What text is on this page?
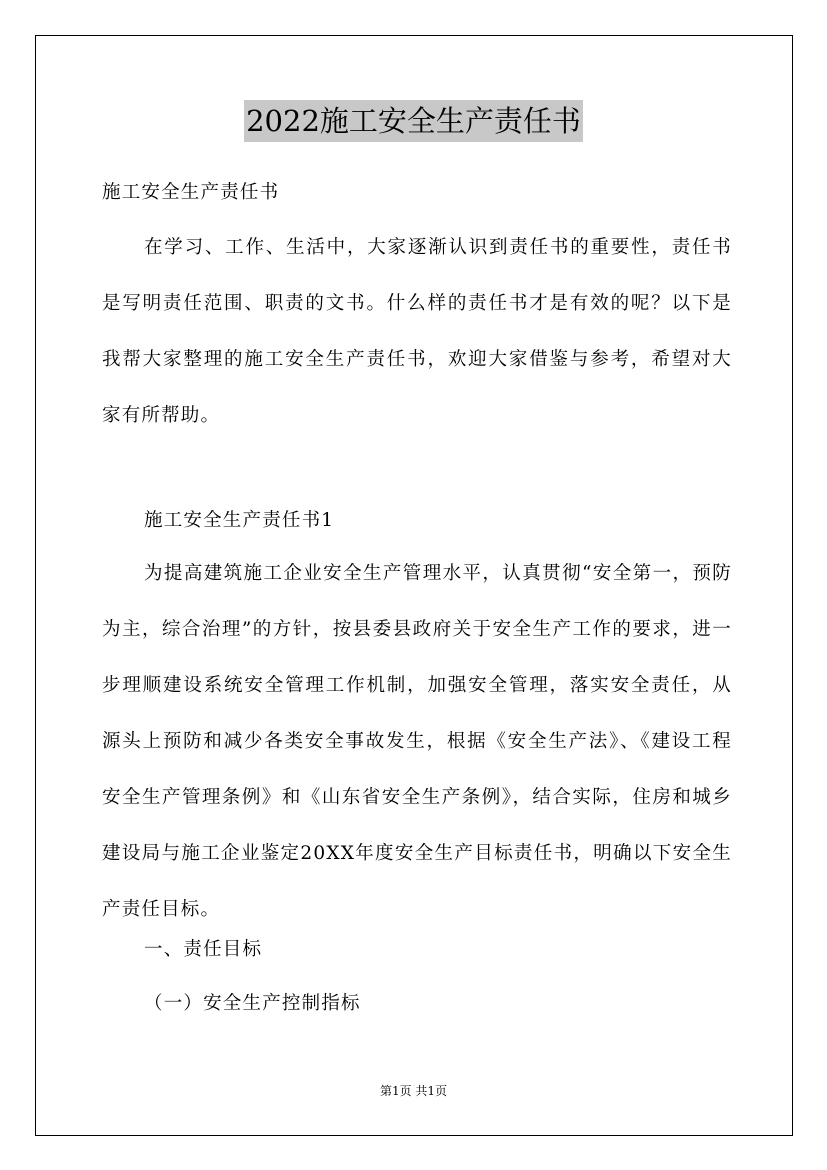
2022施工安全生产责任书

施工安全生产责任书

在学习、工作、生活中，大家逐渐认识到责任书的重要性，责任书是写明责任范围、职责的文书。什么样的责任书才是有效的呢？以下是我帮大家整理的施工安全生产责任书，欢迎大家借鉴与参考，希望对大家有所帮助。

施工安全生产责任书1

为提高建筑施工企业安全生产管理水平，认真贯彻“安全第一，预防为主，综合治理”的方针，按县委县政府关于安全生产工作的要求，进一步理顺建设系统安全管理工作机制，加强安全管理，落实安全责任，从源头上预防和减少各类安全事故发生，根据《安全生产法》、《建设工程安全生产管理条例》和《山东省安全生产条例》，结合实际，住房和城乡建设局与施工企业鉴定20XX年度安全生产目标责任书，明确以下安全生产责任目标。

一、责任目标

（一）安全生产控制指标

第1页 共1页
